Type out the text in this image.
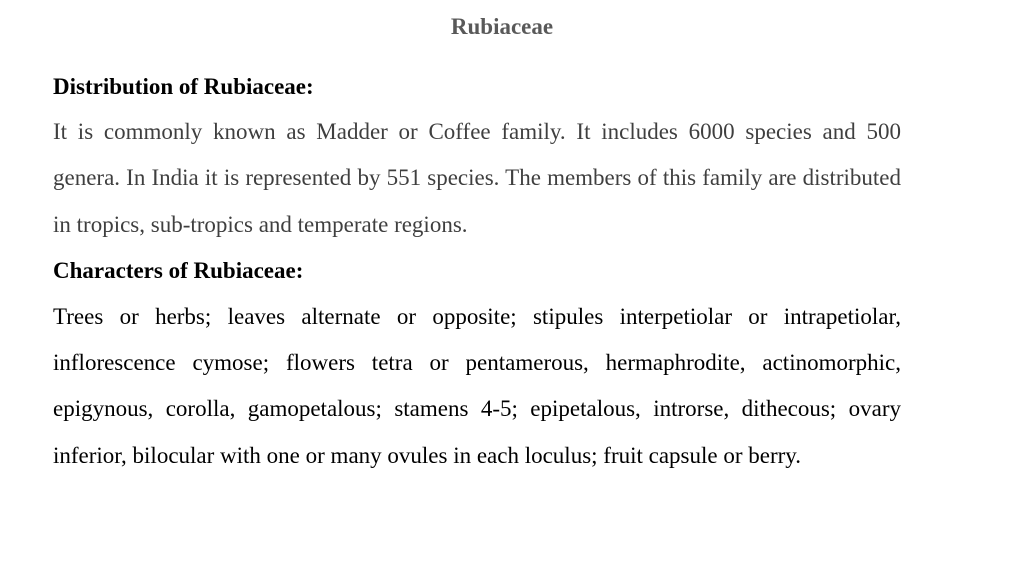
Rubiaceae

Distribution of Rubiaceae:

It is commonly known as Madder or Coffee family. It includes 6000 species and 500 genera. In India it is represented by 551 species. The members of this family are distributed in tropics, sub-tropics and temperate regions.

Characters of Rubiaceae:

Trees or herbs; leaves alternate or opposite; stipules interpetiolar or intrapetiolar, inflorescence cymose; flowers tetra or pentamerous, hermaphrodite, actinomorphic, epigynous, corolla, gamopetalous; stamens 4-5; epipetalous, introrse, dithecous; ovary inferior, bilocular with one or many ovules in each loculus; fruit capsule or berry.
